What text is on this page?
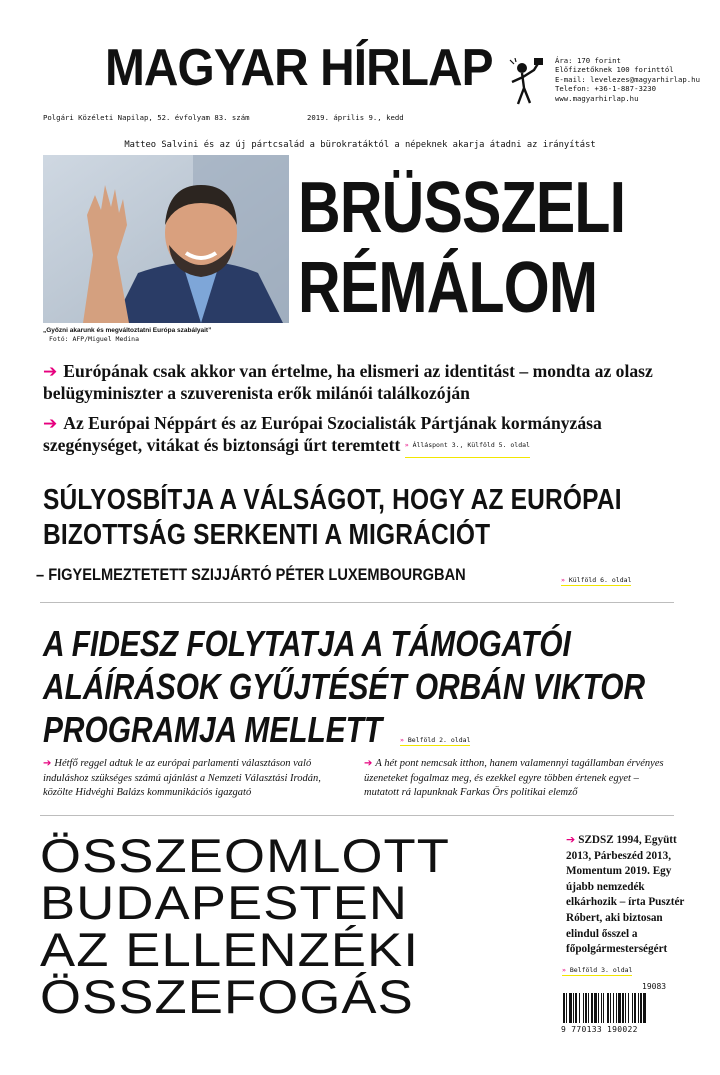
MAGYAR HÍRLAP	Ára: 170 forint
Előfizetőknek 100 forinttól
E-mail: levelezes@magyarhirlap.hu
Telefon: +36-1-887-3230
www.magyarhirlap.hu
Polgári Közéleti Napilap, 52. évfolyam 83. szám	2019. április 9., kedd
Matteo Salvini és az új pártcsalád a bürokratáktól a népeknek akarja átadni az irányítást
„Győzni akarunk és megváltoztatni Európa szabályait”
Fotó: AFP/Miguel Medina
BRÜSSZELI
RÉMÁLOM
➔ Európának csak akkor van értelme, ha elismeri az identitást – mondta az olasz belügyminiszter a szuverenista erők milánói találkozóján
➔ Az Európai Néppárt és az Európai Szocialisták Pártjának kormányzása szegénységet, vitákat és biztonsági űrt teremtett » Álláspont 3., Külföld 5. oldal
SÚLYOSBÍTJA A VÁLSÁGOT, HOGY AZ EURÓPAI
BIZOTTSÁG SERKENTI A MIGRÁCIÓT
– FIGYELMEZTETETT SZIJJÁRTÓ PÉTER LUXEMBOURGBAN	» Külföld 6. oldal
A FIDESZ FOLYTATJA A TÁMOGATÓI
ALÁÍRÁSOK GYŰJTÉSÉT ORBÁN VIKTOR
PROGRAMJA MELLETT	» Belföld 2. oldal
➔ Hétfő reggel adtuk le az európai parlamenti választáson való induláshoz szükséges számú ajánlást a Nemzeti Választási Irodán, közölte Hidvéghi Balázs kommunikációs igazgató
➔ A hét pont nemcsak itthon, hanem valamennyi tagállamban érvényes üzeneteket fogalmaz meg, és ezekkel egyre többen értenek egyet – mutatott rá lapunknak Farkas Örs politikai elemző
ÖSSZEOMLOTT
BUDAPESTEN
AZ ELLENZÉKI
ÖSSZEFOGÁS
➔ SZDSZ 1994, Együtt 2013, Párbeszéd 2013, Momentum 2019. Egy újabb nemzedék elkárhozik – írta Pusztér Róbert, aki biztosan elindul ősszel a főpolgármesterségért
» Belföld 3. oldal
19083
9 770133 190022
